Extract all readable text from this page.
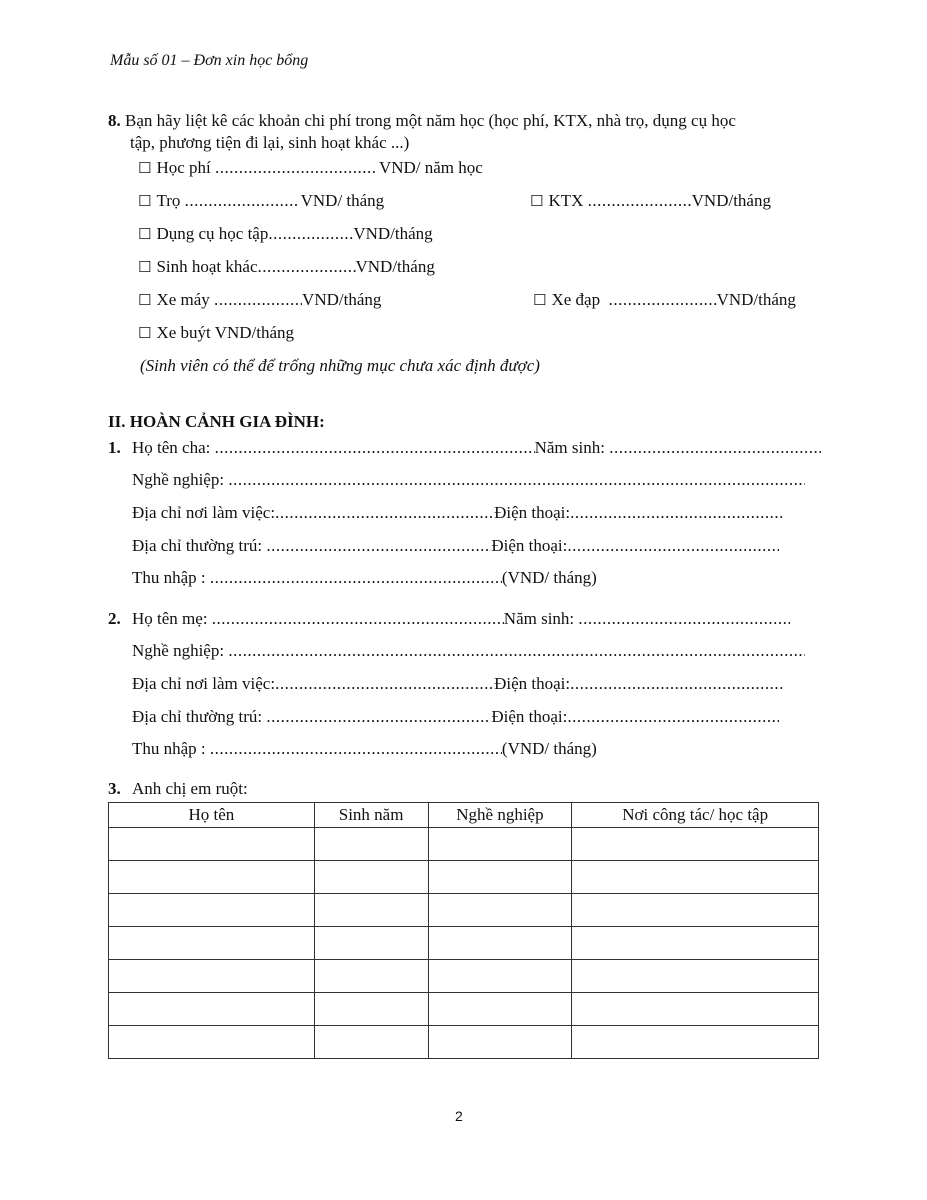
Mẫu số 01 – Đơn xin học bổng
8. Bạn hãy liệt kê các khoản chi phí trong một năm học (học phí, KTX, nhà trọ, dụng cụ học
tập, phương tiện đi lại, sinh hoạt khác ...)
☐ Học phí .....	VND/ năm học
☐ Trọ .....	VND/ tháng	☐ KTX .....	VND/tháng
☐ Dụng cụ học tập .....	VND/tháng
☐ Sinh hoạt khác .....	VND/tháng
☐ Xe máy .....	VND/tháng	☐ Xe đạp .....	VND/tháng
☐ Xe buýt VND/tháng
(Sinh viên có thể để trống những mục chưa xác định được)
II. HOÀN CẢNH GIA ĐÌNH:
1. Họ tên cha: .....	Năm sinh: .....
Nghề nghiệp: .....
Địa chỉ nơi làm việc: .....	Điện thoại:.....
Địa chỉ thường trú: .....	Điện thoại:.....
Thu nhập : .....	(VND/ tháng)
2. Họ tên mẹ: .....	Năm sinh: .....
Nghề nghiệp: .....
Địa chỉ nơi làm việc: .....	Điện thoại:.....
Địa chỉ thường trú: .....	Điện thoại:.....
Thu nhập : .....	(VND/ tháng)
3. Anh chị em ruột:
Họ tên	Sinh năm	Nghề nghiệp	Nơi công tác/ học tập

2
